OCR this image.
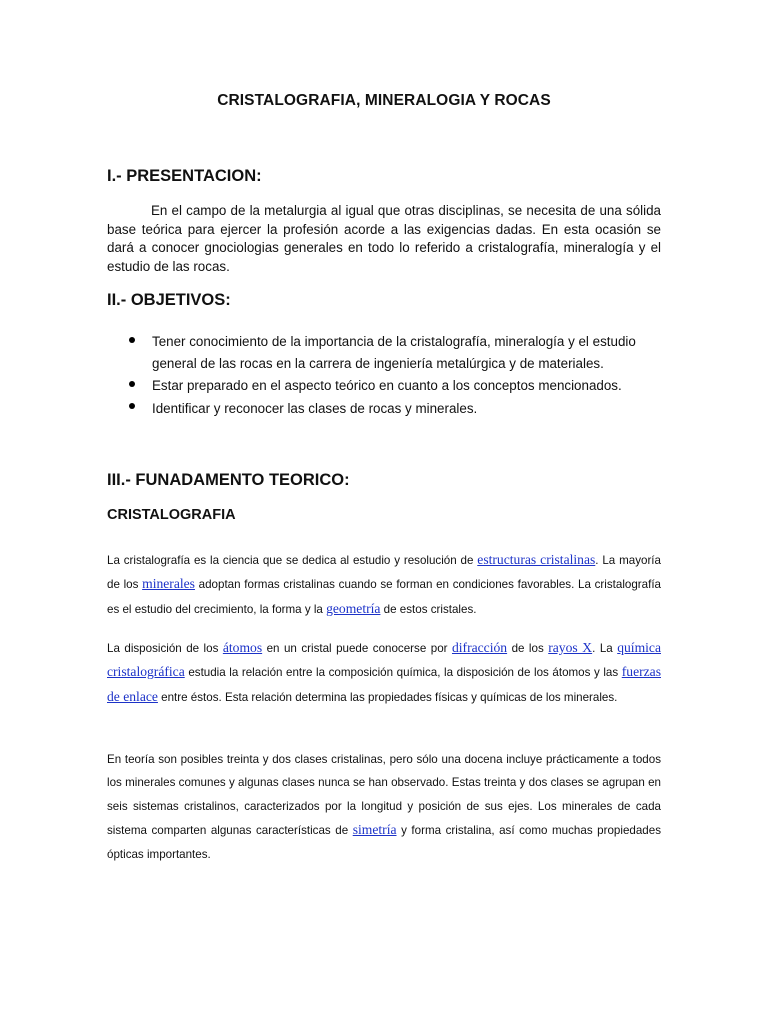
CRISTALOGRAFIA, MINERALOGIA Y ROCAS
I.- PRESENTACION:

En el campo de la metalurgia al igual que otras disciplinas, se necesita de una sólida base teórica para ejercer la profesión acorde a las exigencias dadas. En esta ocasión se dará a conocer gnociologias generales en todo lo referido a cristalografía, mineralogía y el estudio de las rocas.

II.- OBJETIVOS:
Tener conocimiento de la importancia de la cristalografía, mineralogía y el estudio general de las rocas en la carrera de ingeniería metalúrgica y de materiales.
Estar preparado en el aspecto teórico en cuanto a los conceptos mencionados.
Identificar y reconocer las clases de rocas y minerales.
III.- FUNADAMENTO TEORICO:
CRISTALOGRAFIA

La cristalografía es la ciencia que se dedica al estudio y resolución de estructuras cristalinas. La mayoría de los minerales adoptan formas cristalinas cuando se forman en condiciones favorables. La cristalografía es el estudio del crecimiento, la forma y la geometría de estos cristales.

La disposición de los átomos en un cristal puede conocerse por difracción de los rayos X. La química cristalográfica estudia la relación entre la composición química, la disposición de los átomos y las fuerzas de enlace entre éstos. Esta relación determina las propiedades físicas y químicas de los minerales.

En teoría son posibles treinta y dos clases cristalinas, pero sólo una docena incluye prácticamente a todos los minerales comunes y algunas clases nunca se han observado. Estas treinta y dos clases se agrupan en seis sistemas cristalinos, caracterizados por la longitud y posición de sus ejes. Los minerales de cada sistema comparten algunas características de simetría y forma cristalina, así como muchas propiedades ópticas importantes.
